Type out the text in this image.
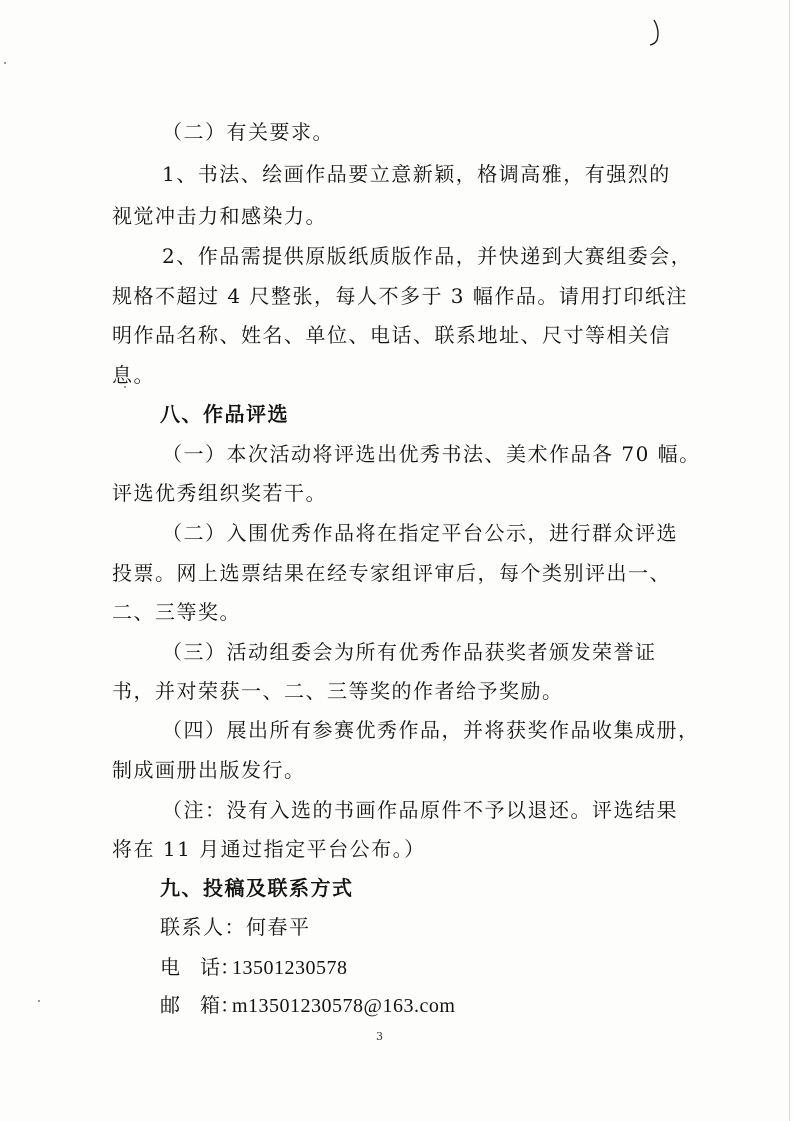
（二）有关要求。

1、书法、绘画作品要立意新颖，格调高雅，有强烈的

视觉冲击力和感染力。

2、作品需提供原版纸质版作品，并快递到大赛组委会，

规格不超过 4 尺整张，每人不多于 3 幅作品。请用打印纸注

明作品名称、姓名、单位、电话、联系地址、尺寸等相关信

息。

八、作品评选

（一）本次活动将评选出优秀书法、美术作品各 70 幅。

评选优秀组织奖若干。

（二）入围优秀作品将在指定平台公示，进行群众评选

投票。网上选票结果在经专家组评审后，每个类别评出一、

二、三等奖。

（三）活动组委会为所有优秀作品获奖者颁发荣誉证

书，并对荣获一、二、三等奖的作者给予奖励。

（四）展出所有参赛优秀作品，并将获奖作品收集成册，

制成画册出版发行。

（注：没有入选的书画作品原件不予以退还。评选结果

将在 11 月通过指定平台公布。）

九、投稿及联系方式

联系人：何春平

电 话：13501230578

邮 箱：m13501230578@163.com

3
